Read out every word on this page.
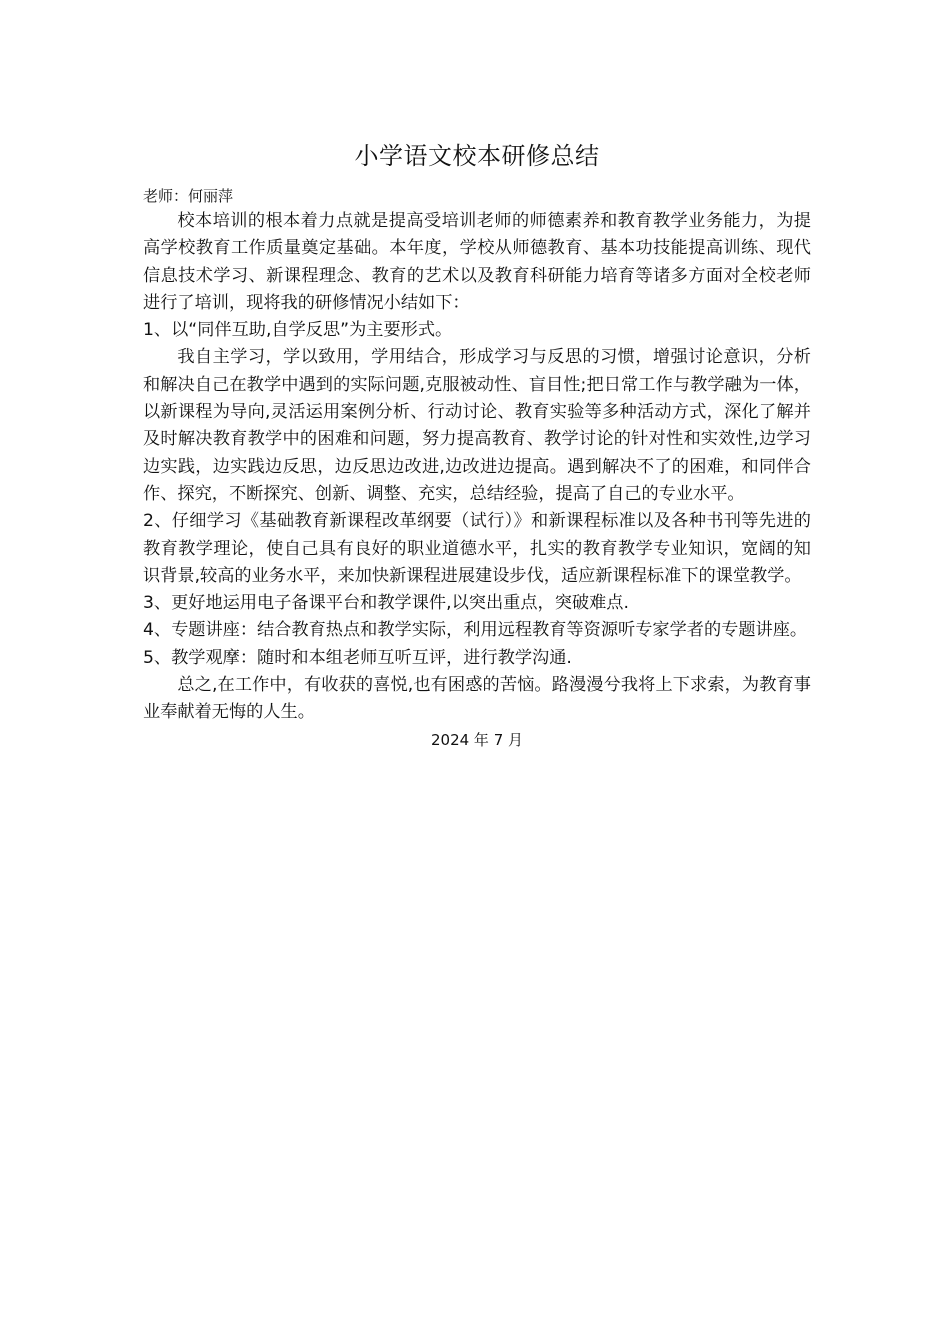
小学语文校本研修总结
老师：何丽萍

校本培训的根本着力点就是提高受培训老师的师德素养和教育教学业务能力，为提高学校教育工作质量奠定基础。本年度，学校从师德教育、基本功技能提高训练、现代信息技术学习、新课程理念、教育的艺术以及教育科研能力培育等诸多方面对全校老师进行了培训，现将我的研修情况小结如下：

1、以“同伴互助,自学反思”为主要形式。

我自主学习，学以致用，学用结合，形成学习与反思的习惯，增强讨论意识，分析和解决自己在教学中遇到的实际问题,克服被动性、盲目性;把日常工作与教学融为一体，以新课程为导向,灵活运用案例分析、行动讨论、教育实验等多种活动方式，深化了解并及时解决教育教学中的困难和问题，努力提高教育、教学讨论的针对性和实效性,边学习边实践，边实践边反思，边反思边改进,边改进边提高。遇到解决不了的困难，和同伴合作、探究，不断探究、创新、调整、充实，总结经验，提高了自己的专业水平。

2、仔细学习《基础教育新课程改革纲要（试行）》和新课程标准以及各种书刊等先进的教育教学理论，使自己具有良好的职业道德水平，扎实的教育教学专业知识，宽阔的知识背景,较高的业务水平，来加快新课程进展建设步伐，适应新课程标准下的课堂教学。

3、更好地运用电子备课平台和教学课件,以突出重点，突破难点.

4、专题讲座：结合教育热点和教学实际，利用远程教育等资源听专家学者的专题讲座。

5、教学观摩：随时和本组老师互听互评，进行教学沟通.

总之,在工作中，有收获的喜悦,也有困惑的苦恼。路漫漫兮我将上下求索，为教育事业奉献着无悔的人生。

2024 年 7 月
